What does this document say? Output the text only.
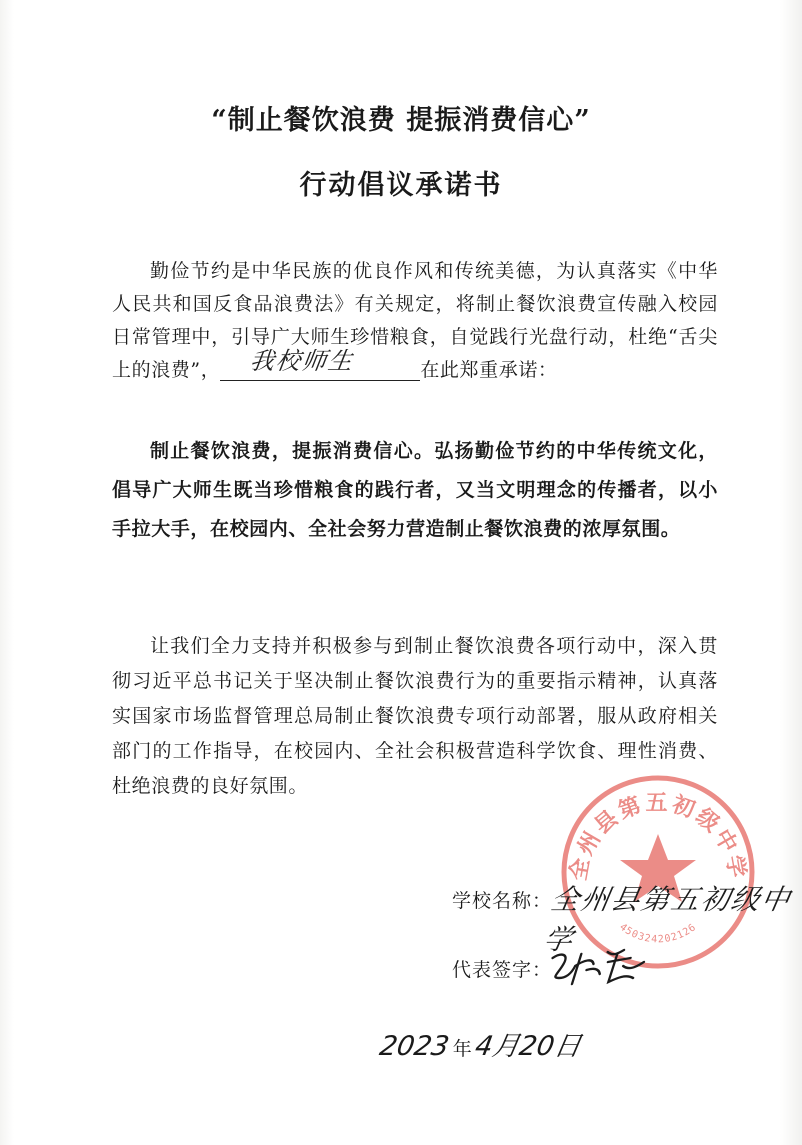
“制止餐饮浪费 提振消费信心”
行动倡议承诺书
勤俭节约是中华民族的优良作风和传统美德，为认真落实《中华人民共和国反食品浪费法》有关规定，将制止餐饮浪费宣传融入校园日常管理中，引导广大师生珍惜粮食，自觉践行光盘行动，杜绝“舌尖上的浪费”， 我校师生	在此郑重承诺：
制止餐饮浪费，提振消费信心。弘扬勤俭节约的中华传统文化，倡导广大师生既当珍惜粮食的践行者，又当文明理念的传播者，以小手拉大手，在校园内、全社会努力营造制止餐饮浪费的浓厚氛围。
让我们全力支持并积极参与到制止餐饮浪费各项行动中，深入贯彻习近平总书记关于坚决制止餐饮浪费行为的重要指示精神，认真落实国家市场监督管理总局制止餐饮浪费专项行动部署，服从政府相关部门的工作指导，在校园内、全社会积极营造科学饮食、理性消费、杜绝浪费的良好氛围。
全州县第五初级中学
450324202126
学校名称：
全州县第五初级中学
代表签字：
2023年4月20日
